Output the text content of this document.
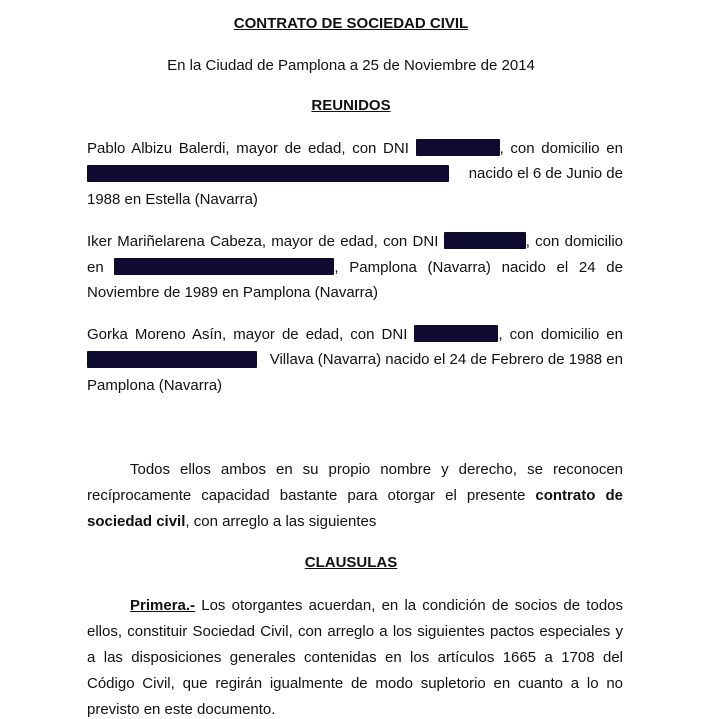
CONTRATO DE SOCIEDAD CIVIL
En la Ciudad de Pamplona a 25 de Noviembre de 2014
REUNIDOS
Pablo Albizu Balerdi, mayor de edad, con DNI	, con domicilio en
nacido el 6 de Junio de
1988 en Estella (Navarra)
Iker Mariñelarena Cabeza, mayor de edad, con DNI	, con domicilio
en	, Pamplona (Navarra) nacido el 24 de
Noviembre de 1989 en Pamplona (Navarra)
Gorka Moreno Asín, mayor de edad, con DNI	, con domicilio en
Villava (Navarra) nacido el 24 de Febrero de 1988 en
Pamplona (Navarra)
Todos ellos ambos en su propio nombre y derecho, se reconocen
recíprocamente capacidad bastante para otorgar el presente contrato de
sociedad civil, con arreglo a las siguientes
CLAUSULAS
Primera.- Los otorgantes acuerdan, en la condición de socios de todos
ellos, constituir Sociedad Civil, con arreglo a los siguientes pactos especiales y
a las disposiciones generales contenidas en los artículos 1665 a 1708 del
Código Civil, que regirán igualmente de modo supletorio en cuanto a lo no
previsto en este documento.
